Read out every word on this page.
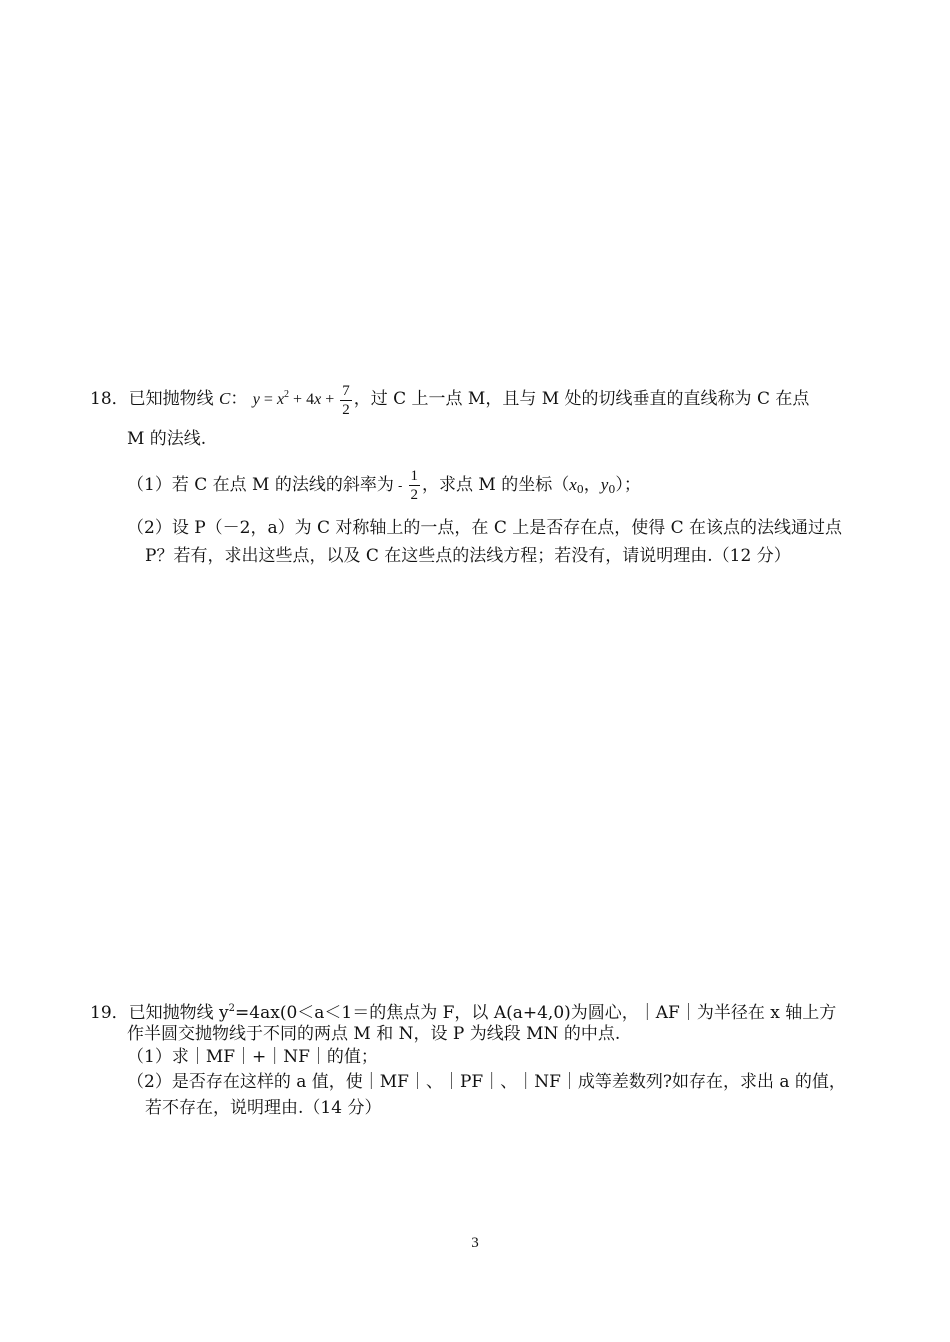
18．已知抛物线 C： $y = x^2 + 4x + \frac{7}{2}$ ，过 C 上一点 M，且与 M 处的切线垂直的直线称为 C 在点
M 的法线.
（1）若 C 在点 M 的法线的斜率为 - $\frac{1}{2}$ ，求点 M 的坐标（$x_0$，$y_0$）；
（2）设 P（－2，a）为 C 对称轴上的一点，在 C 上是否存在点，使得 C 在该点的法线通过点
P？若有，求出这些点，以及 C 在这些点的法线方程；若没有，请说明理由.（12 分）
19．已知抛物线 $y^2=4ax(0<a<1=$的焦点为 F，以 A(a+4,0)为圆心，｜AF｜为半径在 x 轴上方
作半圆交抛物线于不同的两点 M 和 N，设 P 为线段 MN 的中点.
（1）求｜MF｜+｜NF｜的值；
（2）是否存在这样的 a 值，使｜MF｜、｜PF｜、｜NF｜成等差数列?如存在，求出 a 的值，
若不存在，说明理由.（14 分）
3
